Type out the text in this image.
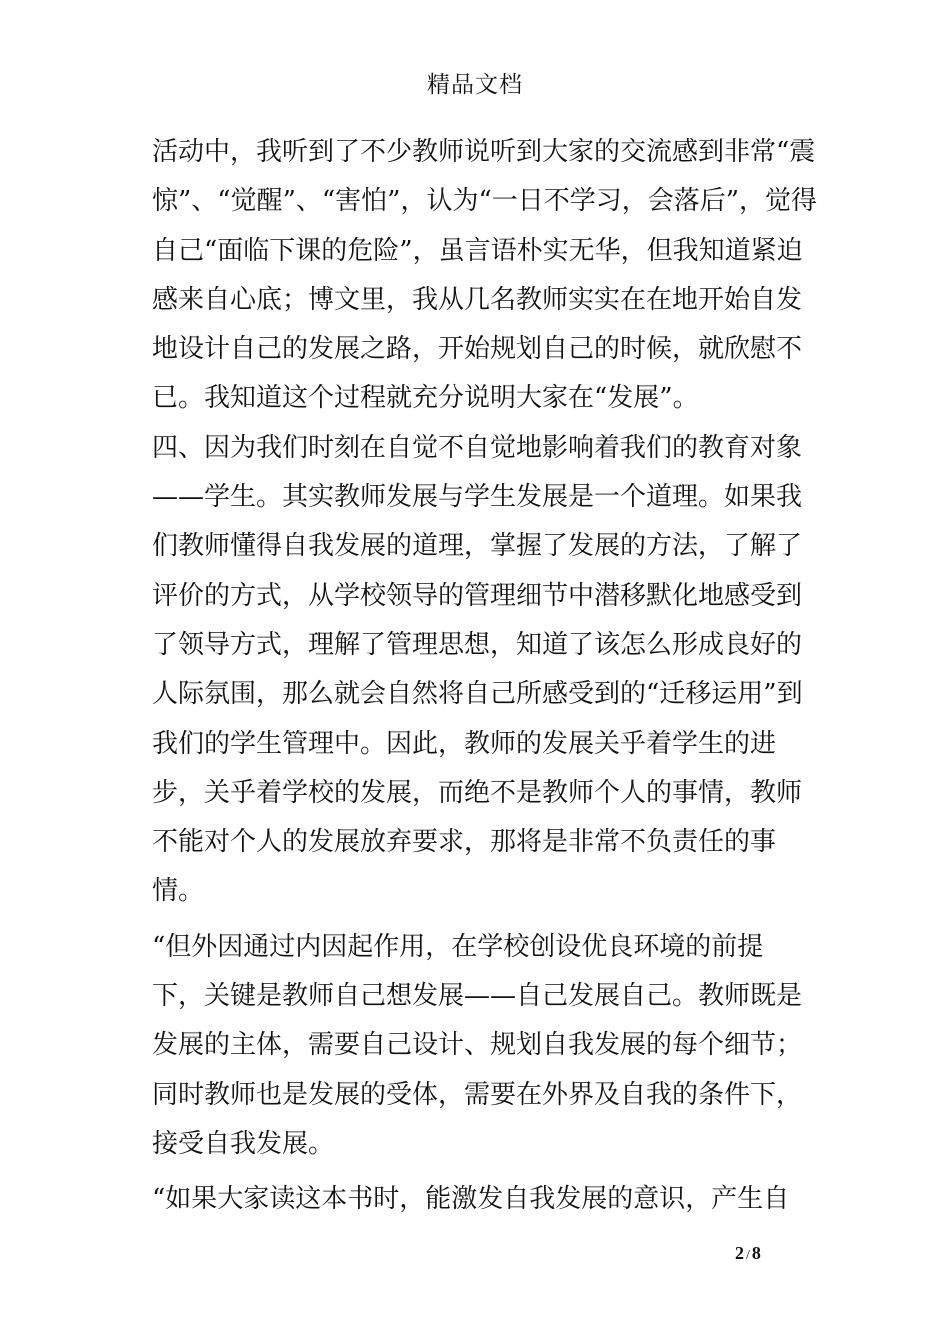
精品文档
活动中，我听到了不少教师说听到大家的交流感到非常“震
惊”、“觉醒”、“害怕”，认为“一日不学习，会落后”，觉得
自己“面临下课的危险”，虽言语朴实无华，但我知道紧迫
感来自心底；博文里，我从几名教师实实在在地开始自发
地设计自己的发展之路，开始规划自己的时候，就欣慰不
已。我知道这个过程就充分说明大家在“发展”。
四、因为我们时刻在自觉不自觉地影响着我们的教育对象
——学生。其实教师发展与学生发展是一个道理。如果我
们教师懂得自我发展的道理，掌握了发展的方法，了解了
评价的方式，从学校领导的管理细节中潜移默化地感受到
了领导方式，理解了管理思想，知道了该怎么形成良好的
人际氛围，那么就会自然将自己所感受到的“迁移运用”到
我们的学生管理中。因此，教师的发展关乎着学生的进
步，关乎着学校的发展，而绝不是教师个人的事情，教师
不能对个人的发展放弃要求，那将是非常不负责任的事
情。
“但外因通过内因起作用，在学校创设优良环境的前提
下，关键是教师自己想发展——自己发展自己。教师既是
发展的主体，需要自己设计、规划自我发展的每个细节；
同时教师也是发展的受体，需要在外界及自我的条件下，
接受自我发展。
“如果大家读这本书时，能激发自我发展的意识，产生自
2 / 8
